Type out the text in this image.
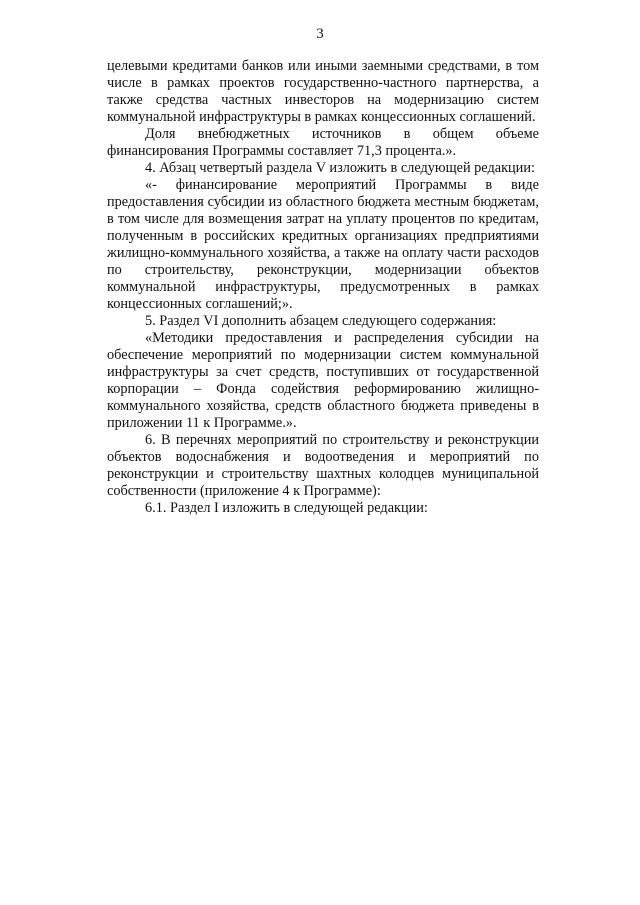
3

целевыми кредитами банков или иными заемными средствами, в том числе в рамках проектов государственно-частного партнерства, а также средства частных инвесторов на модернизацию систем коммунальной инфраструктуры в рамках концессионных соглашений.

Доля внебюджетных источников в общем объеме финансирования Программы составляет 71,3 процента.».

4. Абзац четвертый раздела V изложить в следующей редакции:

«- финансирование мероприятий Программы в виде предоставления субсидии из областного бюджета местным бюджетам, в том числе для возмещения затрат на уплату процентов по кредитам, полученным в российских кредитных организациях предприятиями жилищно-коммунального хозяйства, а также на оплату части расходов по строительству, реконструкции, модернизации объектов коммунальной инфраструктуры, предусмотренных в рамках концессионных соглашений;».

5. Раздел VI дополнить абзацем следующего содержания:

«Методики предоставления и распределения субсидии на обеспечение мероприятий по модернизации систем коммунальной инфраструктуры за счет средств, поступивших от государственной корпорации – Фонда содействия реформированию жилищно-коммунального хозяйства, средств областного бюджета приведены в приложении 11 к Программе.».

6. В перечнях мероприятий по строительству и реконструкции объектов водоснабжения и водоотведения и мероприятий по реконструкции и строительству шахтных колодцев муниципальной собственности (приложение 4 к Программе):

6.1. Раздел I изложить в следующей редакции:
